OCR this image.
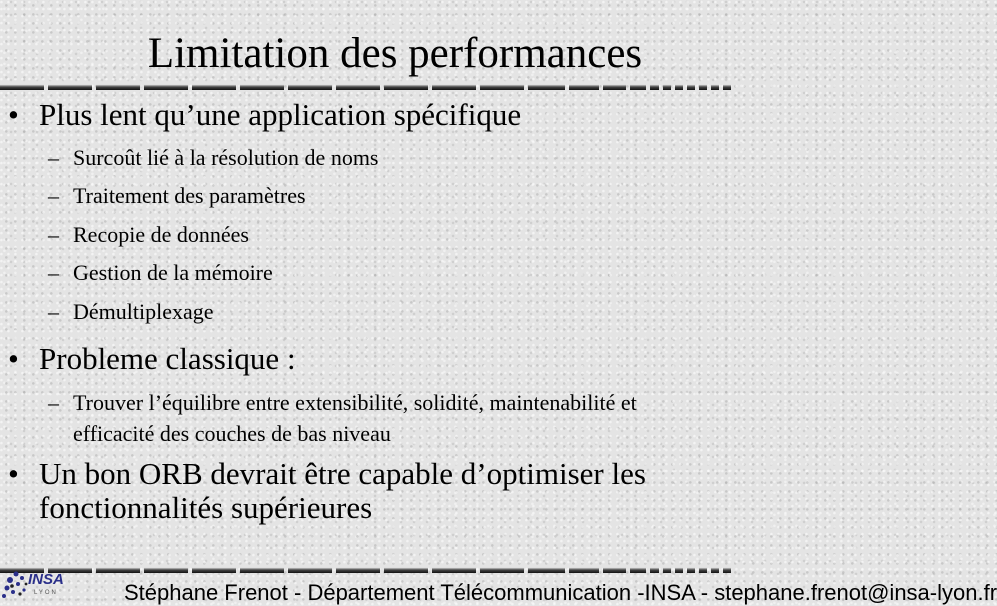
Limitation des performances
• Plus lent qu’une application spécifique
– Surcoût lié à la résolution de noms
– Traitement des paramètres
– Recopie de données
– Gestion de la mémoire
– Démultiplexage
• Probleme classique :
– Trouver l’équilibre entre extensibilité, solidité, maintenabilité et
efficacité des couches de bas niveau
• Un bon ORB devrait être capable d’optimiser les
fonctionnalités supérieures
Stéphane Frenot - Département Télécommunication -INSA - stephane.frenot@insa-lyon.fr
INSA
LYON
